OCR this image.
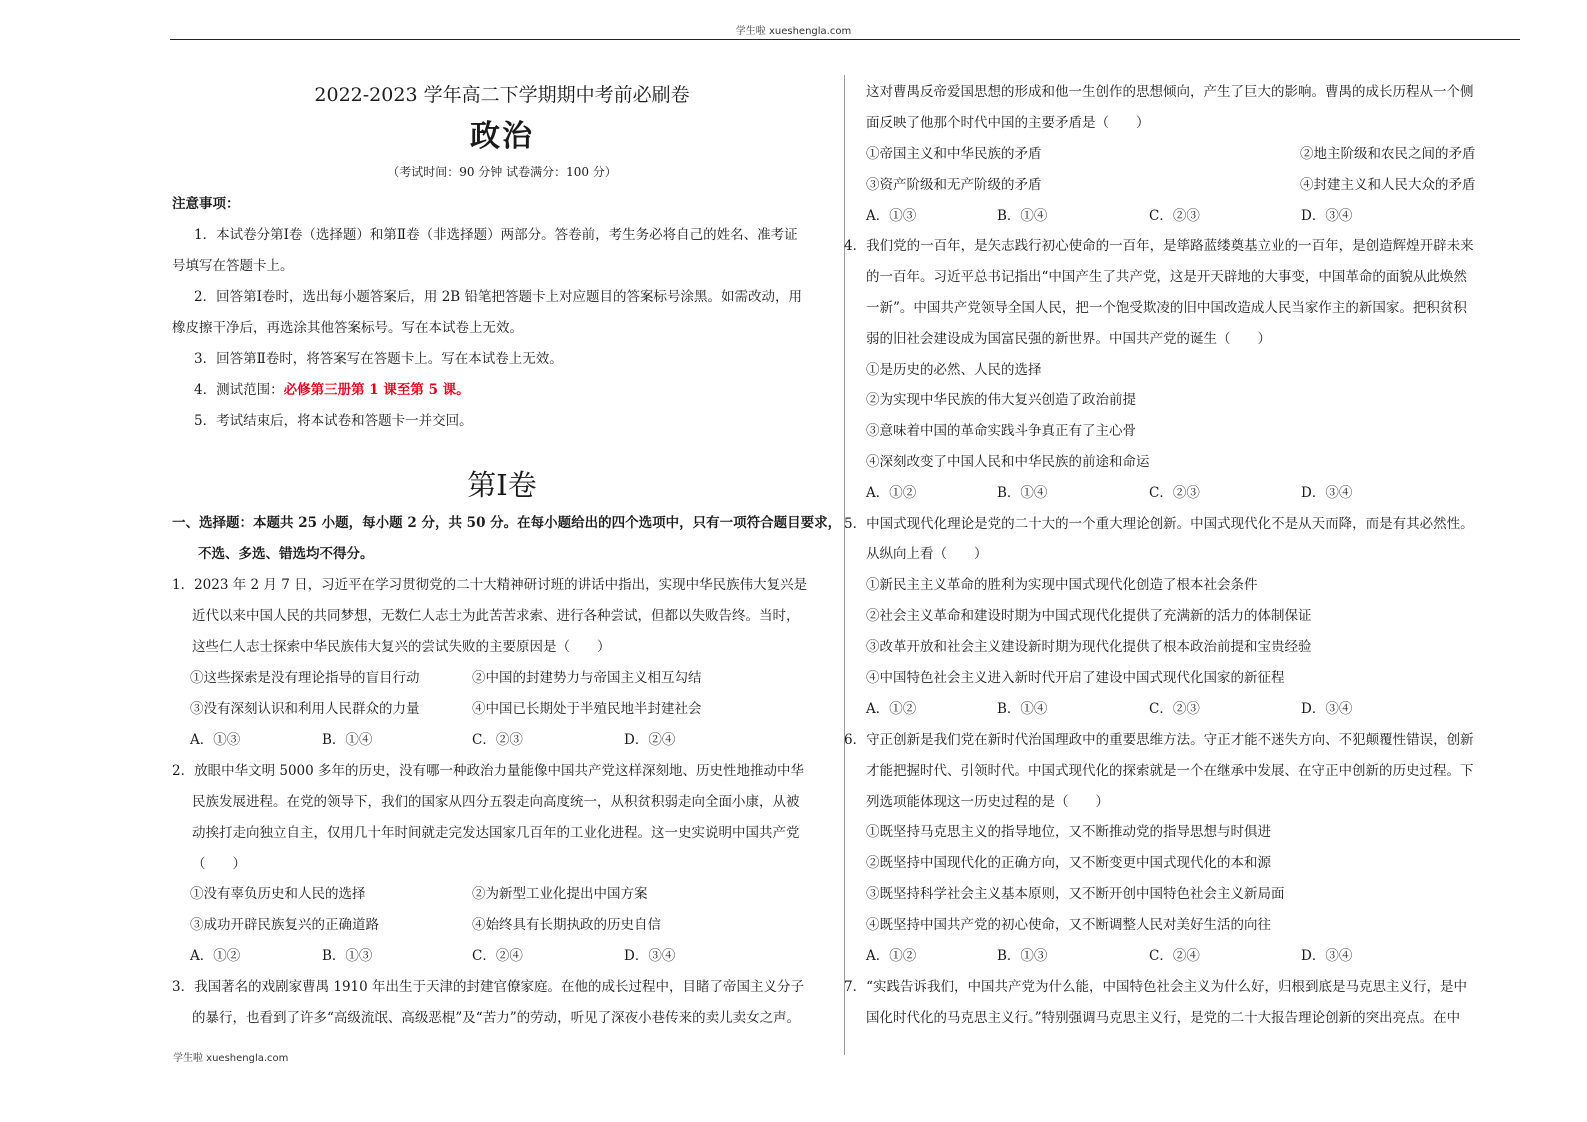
学生啦 xueshengla.com
学生啦 xueshengla.com
2022-2023 学年高二下学期期中考前必刷卷
政治
（考试时间：90 分钟 试卷满分：100 分）
注意事项：
1．本试卷分第Ⅰ卷（选择题）和第Ⅱ卷（非选择题）两部分。答卷前，考生务必将自己的姓名、准考证
号填写在答题卡上。
2．回答第Ⅰ卷时，选出每小题答案后，用 2B 铅笔把答题卡上对应题目的答案标号涂黑。如需改动，用
橡皮擦干净后，再选涂其他答案标号。写在本试卷上无效。
3．回答第Ⅱ卷时，将答案写在答题卡上。写在本试卷上无效。
4．测试范围：必修第三册第 1 课至第 5 课。
5．考试结束后，将本试卷和答题卡一并交回。
第Ⅰ卷
一、选择题：本题共 25 小题，每小题 2 分，共 50 分。在每小题给出的四个选项中，只有一项符合题目要求，
不选、多选、错选均不得分。
1．2023 年 2 月 7 日，习近平在学习贯彻党的二十大精神研讨班的讲话中指出，实现中华民族伟大复兴是
近代以来中国人民的共同梦想，无数仁人志士为此苦苦求索、进行各种尝试，但都以失败告终。当时，
这些仁人志士探索中华民族伟大复兴的尝试失败的主要原因是（　　）
①这些探索是没有理论指导的盲目行动	②中国的封建势力与帝国主义相互勾结
③没有深刻认识和利用人民群众的力量	④中国已长期处于半殖民地半封建社会
A．①③	B．①④	C．②③	D．②④
2．放眼中华文明 5000 多年的历史，没有哪一种政治力量能像中国共产党这样深刻地、历史性地推动中华
民族发展进程。在党的领导下，我们的国家从四分五裂走向高度统一，从积贫积弱走向全面小康，从被
动挨打走向独立自主，仅用几十年时间就走完发达国家几百年的工业化进程。这一史实说明中国共产党
（　　）
①没有辜负历史和人民的选择	②为新型工业化提出中国方案
③成功开辟民族复兴的正确道路	④始终具有长期执政的历史自信
A．①②	B．①③	C．②④	D．③④
3．我国著名的戏剧家曹禺 1910 年出生于天津的封建官僚家庭。在他的成长过程中，目睹了帝国主义分子
的暴行，也看到了许多“高级流氓、高级恶棍”及“苦力”的劳动，听见了深夜小巷传来的卖儿卖女之声。
这对曹禺反帝爱国思想的形成和他一生创作的思想倾向，产生了巨大的影响。曹禺的成长历程从一个侧
面反映了他那个时代中国的主要矛盾是（　　）
①帝国主义和中华民族的矛盾	②地主阶级和农民之间的矛盾
③资产阶级和无产阶级的矛盾	④封建主义和人民大众的矛盾
A．①③	B．①④	C．②③	D．③④
4．我们党的一百年，是矢志践行初心使命的一百年，是筚路蓝缕奠基立业的一百年，是创造辉煌开辟未来
的一百年。习近平总书记指出“中国产生了共产党，这是开天辟地的大事变，中国革命的面貌从此焕然
一新”。中国共产党领导全国人民，把一个饱受欺凌的旧中国改造成人民当家作主的新国家。把积贫积
弱的旧社会建设成为国富民强的新世界。中国共产党的诞生（　　）
①是历史的必然、人民的选择
②为实现中华民族的伟大复兴创造了政治前提
③意味着中国的革命实践斗争真正有了主心骨
④深刻改变了中国人民和中华民族的前途和命运
A．①②	B．①④	C．②③	D．③④
5．中国式现代化理论是党的二十大的一个重大理论创新。中国式现代化不是从天而降，而是有其必然性。
从纵向上看（　　）
①新民主主义革命的胜利为实现中国式现代化创造了根本社会条件
②社会主义革命和建设时期为中国式现代化提供了充满新的活力的体制保证
③改革开放和社会主义建设新时期为现代化提供了根本政治前提和宝贵经验
④中国特色社会主义进入新时代开启了建设中国式现代化国家的新征程
A．①②	B．①④	C．②③	D．③④
6．守正创新是我们党在新时代治国理政中的重要思维方法。守正才能不迷失方向、不犯颠覆性错误，创新
才能把握时代、引领时代。中国式现代化的探索就是一个在继承中发展、在守正中创新的历史过程。下
列选项能体现这一历史过程的是（　　）
①既坚持马克思主义的指导地位，又不断推动党的指导思想与时俱进
②既坚持中国现代化的正确方向，又不断变更中国式现代化的本和源
③既坚持科学社会主义基本原则，又不断开创中国特色社会主义新局面
④既坚持中国共产党的初心使命，又不断调整人民对美好生活的向往
A．①②	B．①③	C．②④	D．③④
7．“实践告诉我们，中国共产党为什么能，中国特色社会主义为什么好，归根到底是马克思主义行，是中
国化时代化的马克思主义行。”特别强调马克思主义行，是党的二十大报告理论创新的突出亮点。在中
